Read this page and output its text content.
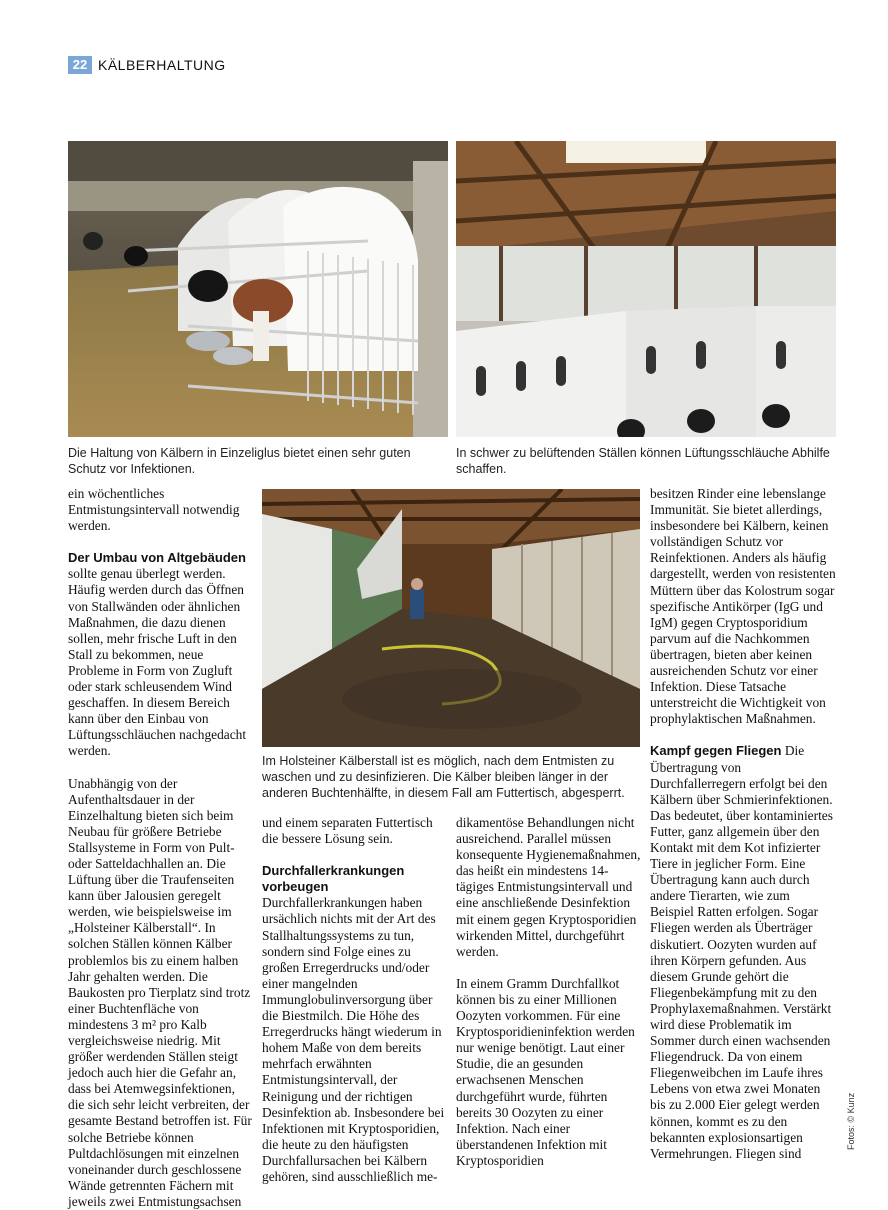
22 KÄLBERHALTUNG
Die Haltung von Kälbern in Einzeliglus bietet einen sehr guten Schutz vor Infektionen.
In schwer zu belüftenden Ställen können Lüftungsschläuche Abhilfe schaffen.
Im Holsteiner Kälberstall ist es möglich, nach dem Entmisten zu waschen und zu desinfizieren. Die Kälber bleiben länger in der anderen Buchtenhälfte, in diesem Fall am Futtertisch, abgesperrt.

ein wöchentliches Entmistungsintervall notwendig werden.

Der Umbau von Altgebäuden

sollte genau überlegt werden. Häufig werden durch das Öffnen von Stallwänden oder ähnlichen Maßnahmen, die dazu dienen sollen, mehr frische Luft in den Stall zu bekommen, neue Probleme in Form von Zugluft oder stark schleusendem Wind geschaffen. In diesem Bereich kann über den Einbau von Lüftungsschläuchen nachgedacht werden.

Unabhängig von der Aufenthaltsdauer in der Einzelhaltung bieten sich beim Neubau für größere Betriebe Stallsysteme in Form von Pult- oder Satteldachhallen an. Die Lüftung über die Traufenseiten kann über Jalousien geregelt werden, wie beispielsweise im „Holsteiner Kälberstall“. In solchen Ställen können Kälber problemlos bis zu einem halben Jahr gehalten werden. Die Baukosten pro Tierplatz sind trotz einer Buchtenfläche von mindestens 3 m² pro Kalb vergleichsweise niedrig. Mit größer werdenden Ställen steigt jedoch auch hier die Gefahr an, dass bei Atemwegsinfektionen, die sich sehr leicht verbreiten, der gesamte Bestand betroffen ist. Für solche Betriebe können Pultdachlösungen mit einzelnen voneinander durch geschlossene Wände getrennten Fächern mit jeweils zwei Entmistungsachsen

und einem separaten Futtertisch die bessere Lösung sein.

Durchfallerkrankungen vorbeugen Durchfallerkrankungen haben ursächlich nichts mit der Art des Stallhaltungssystems zu tun, sondern sind Folge eines zu großen Erregerdrucks und/oder einer mangelnden Immunglobulinversorgung über die Biestmilch. Die Höhe des Erregerdrucks hängt wiederum in hohem Maße von dem bereits mehrfach erwähnten Entmistungsintervall, der Reinigung und der richtigen Desinfektion ab. Insbesondere bei Infektionen mit Kryptosporidien, die heute zu den häufigsten Durchfallursachen bei Kälbern gehören, sind ausschließlich me-

dikamentöse Behandlungen nicht ausreichend. Parallel müssen konsequente Hygienemaßnahmen, das heißt ein mindestens 14-tägiges Entmistungsintervall und eine anschließende Desinfektion mit einem gegen Kryptosporidien wirkenden Mittel, durchgeführt werden.

In einem Gramm Durchfallkot können bis zu einer Millionen Oozyten vorkommen. Für eine Kryptosporidieninfektion werden nur wenige benötigt. Laut einer Studie, die an gesunden erwachsenen Menschen durchgeführt wurde, führten bereits 30 Oozyten zu einer Infektion. Nach einer überstandenen Infektion mit Kryptosporidien

besitzen Rinder eine lebenslange Immunität. Sie bietet allerdings, insbesondere bei Kälbern, keinen vollständigen Schutz vor Reinfektionen. Anders als häufig dargestellt, werden von resistenten Müttern über das Kolostrum sogar spezifische Antikörper (IgG und IgM) gegen Cryptosporidium parvum auf die Nachkommen übertragen, bieten aber keinen ausreichenden Schutz vor einer Infektion. Diese Tatsache unterstreicht die Wichtigkeit von prophylaktischen Maßnahmen.

Kampf gegen Fliegen Die Übertragung von Durchfallerregern erfolgt bei den Kälbern über Schmierinfektionen. Das bedeutet, über kontaminiertes Futter, ganz allgemein über den Kontakt mit dem Kot infizierter Tiere in jeglicher Form. Eine Übertragung kann auch durch andere Tierarten, wie zum Beispiel Ratten erfolgen. Sogar Fliegen werden als Überträger diskutiert. Oozyten wurden auf ihren Körpern gefunden. Aus diesem Grunde gehört die Fliegenbekämpfung mit zu den Prophylaxemaßnahmen. Verstärkt wird diese Problematik im Sommer durch einen wachsenden Fliegendruck. Da von einem Fliegenweibchen im Laufe ihres Lebens von etwa zwei Monaten bis zu 2.000 Eier gelegt werden können, kommt es zu den bekannten explosionsartigen Vermehrungen. Fliegen sind

Fotos: © Kunz
